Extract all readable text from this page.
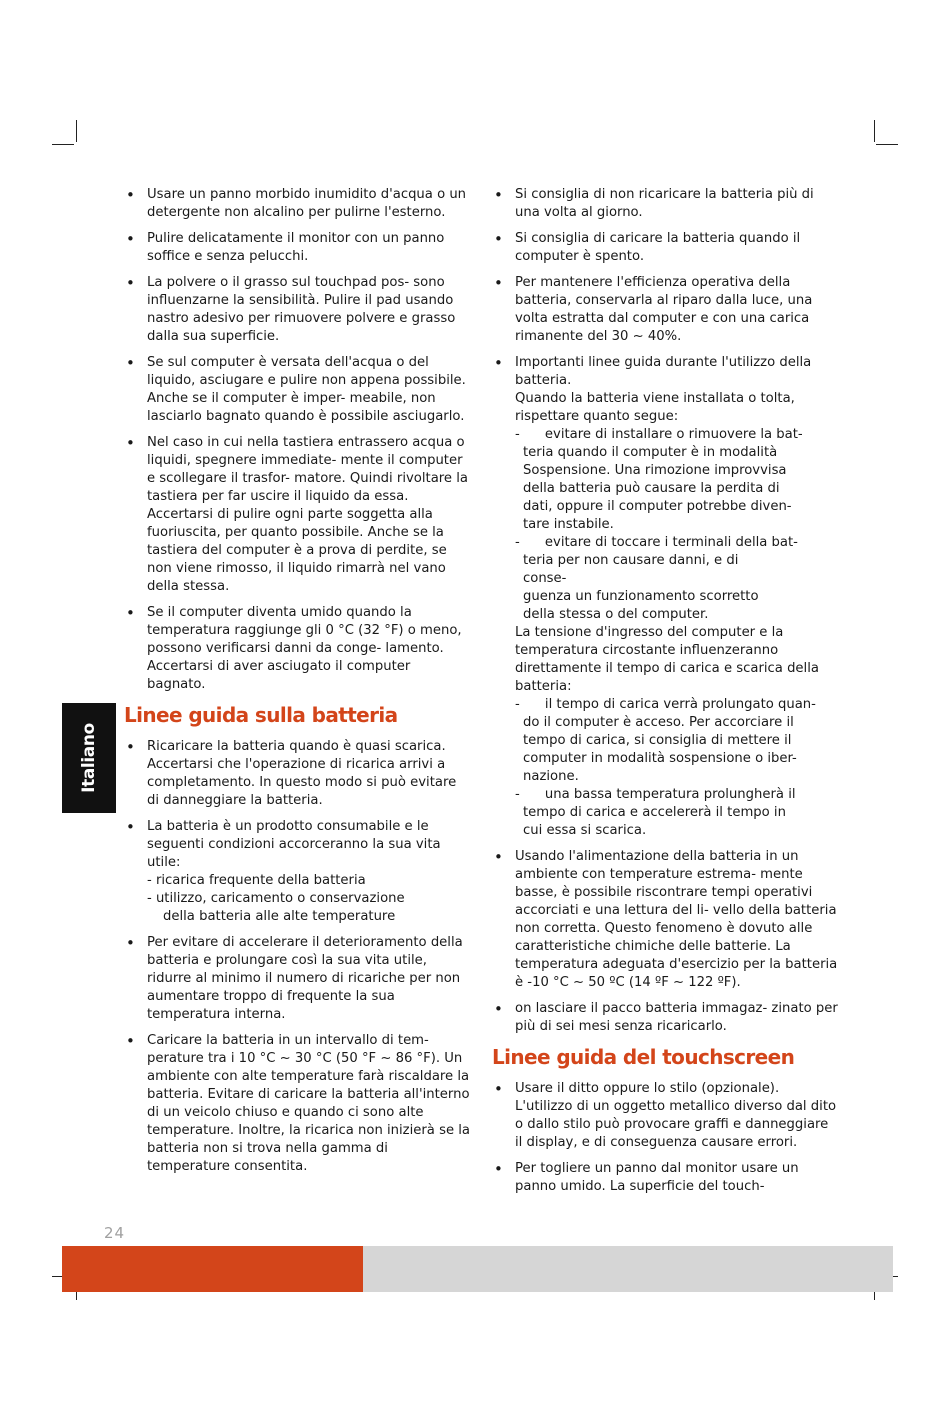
Italiano
• Usare un panno morbido inumidito d'acqua o un detergente non alcalino per pulirne l'esterno.
• Pulire delicatamente il monitor con un panno soffice e senza pelucchi.
• La polvere o il grasso sul touchpad pos- sono influenzarne la sensibilità. Pulire il pad usando nastro adesivo per rimuovere polvere e grasso dalla sua superficie.
• Se sul computer è versata dell'acqua o del liquido, asciugare e pulire non appena possibile. Anche se il computer è imper- meabile, non lasciarlo bagnato quando è possibile asciugarlo.
• Nel caso in cui nella tastiera entrassero acqua o liquidi, spegnere immediate- mente il computer e scollegare il trasfor- matore. Quindi rivoltare la tastiera per far uscire il liquido da essa. Accertarsi di pulire ogni parte soggetta alla fuoriuscita, per quanto possibile. Anche se la tastiera del computer è a prova di perdite, se non viene rimosso, il liquido rimarrà nel vano della stessa.
• Se il computer diventa umido quando la temperatura raggiunge gli 0 °C (32 °F) o meno, possono verificarsi danni da conge- lamento. Accertarsi di aver asciugato il computer bagnato.
Linee guida sulla batteria
• Ricaricare la batteria quando è quasi scarica. Accertarsi che l'operazione di ricarica arrivi a completamento. In questo modo si può evitare di danneggiare la batteria.
• La batteria è un prodotto consumabile e le seguenti condizioni accorceranno la sua vita utile:
- ricarica frequente della batteria
- utilizzo, caricamento o conservazione
della batteria alle alte temperature
• Per evitare di accelerare il deterioramento della batteria e prolungare così la sua vita utile, ridurre al minimo il numero di ricariche per non aumentare troppo di frequente la sua temperatura interna.
• Caricare la batteria in un intervallo di tem- perature tra i 10 °C ~ 30 °C (50 °F ~ 86 °F). Un ambiente con alte temperature farà riscaldare la batteria. Evitare di caricare la batteria all'interno di un veicolo chiuso e quando ci sono alte temperature. Inoltre, la ricarica non inizierà se la batteria non si trova nella gamma di temperature consentita.
• Si consiglia di non ricaricare la batteria più di una volta al giorno.
• Si consiglia di caricare la batteria quando il computer è spento.
• Per mantenere l'efficienza operativa della batteria, conservarla al riparo dalla luce, una volta estratta dal computer e con una carica rimanente del 30 ~ 40%.
• Importanti linee guida durante l'utilizzo della batteria.
Quando la batteria viene installata o tolta, rispettare quanto segue:
-      evitare di installare o rimuovere la bat-
teria quando il computer è in modalità
Sospensione. Una rimozione improvvisa
della batteria può causare la perdita di
dati, oppure il computer potrebbe diven-
tare instabile.
-      evitare di toccare i terminali della bat-
teria per non causare danni, e di
conse-
guenza un funzionamento scorretto
della stessa o del computer.
La tensione d'ingresso del computer e la temperatura circostante influenzeranno direttamente il tempo di carica e scarica della batteria:
-      il tempo di carica verrà prolungato quan-
do il computer è acceso. Per accorciare il
tempo di carica, si consiglia di mettere il
computer in modalità sospensione o iber-
nazione.
-      una bassa temperatura prolungherà il
tempo di carica e accelererà il tempo in
cui essa si scarica.
• Usando l'alimentazione della batteria in un ambiente con temperature estrema- mente basse, è possibile riscontrare tempi operativi accorciati e una lettura del li- vello della batteria non corretta. Questo fenomeno è dovuto alle caratteristiche chimiche delle batterie. La temperatura adeguata d'esercizio per la batteria è -10 °C ~ 50 ºC (14 ºF ~ 122 ºF).
• on lasciare il pacco batteria immagaz- zinato per più di sei mesi senza ricaricarlo.
Linee guida del touchscreen
• Usare il ditto oppure lo stilo (opzionale). L'utilizzo di un oggetto metallico diverso dal dito o dallo stilo può provocare graffi e danneggiare il display, e di conseguenza causare errori.
• Per togliere un panno dal monitor usare un panno umido. La superficie del touch-
24
